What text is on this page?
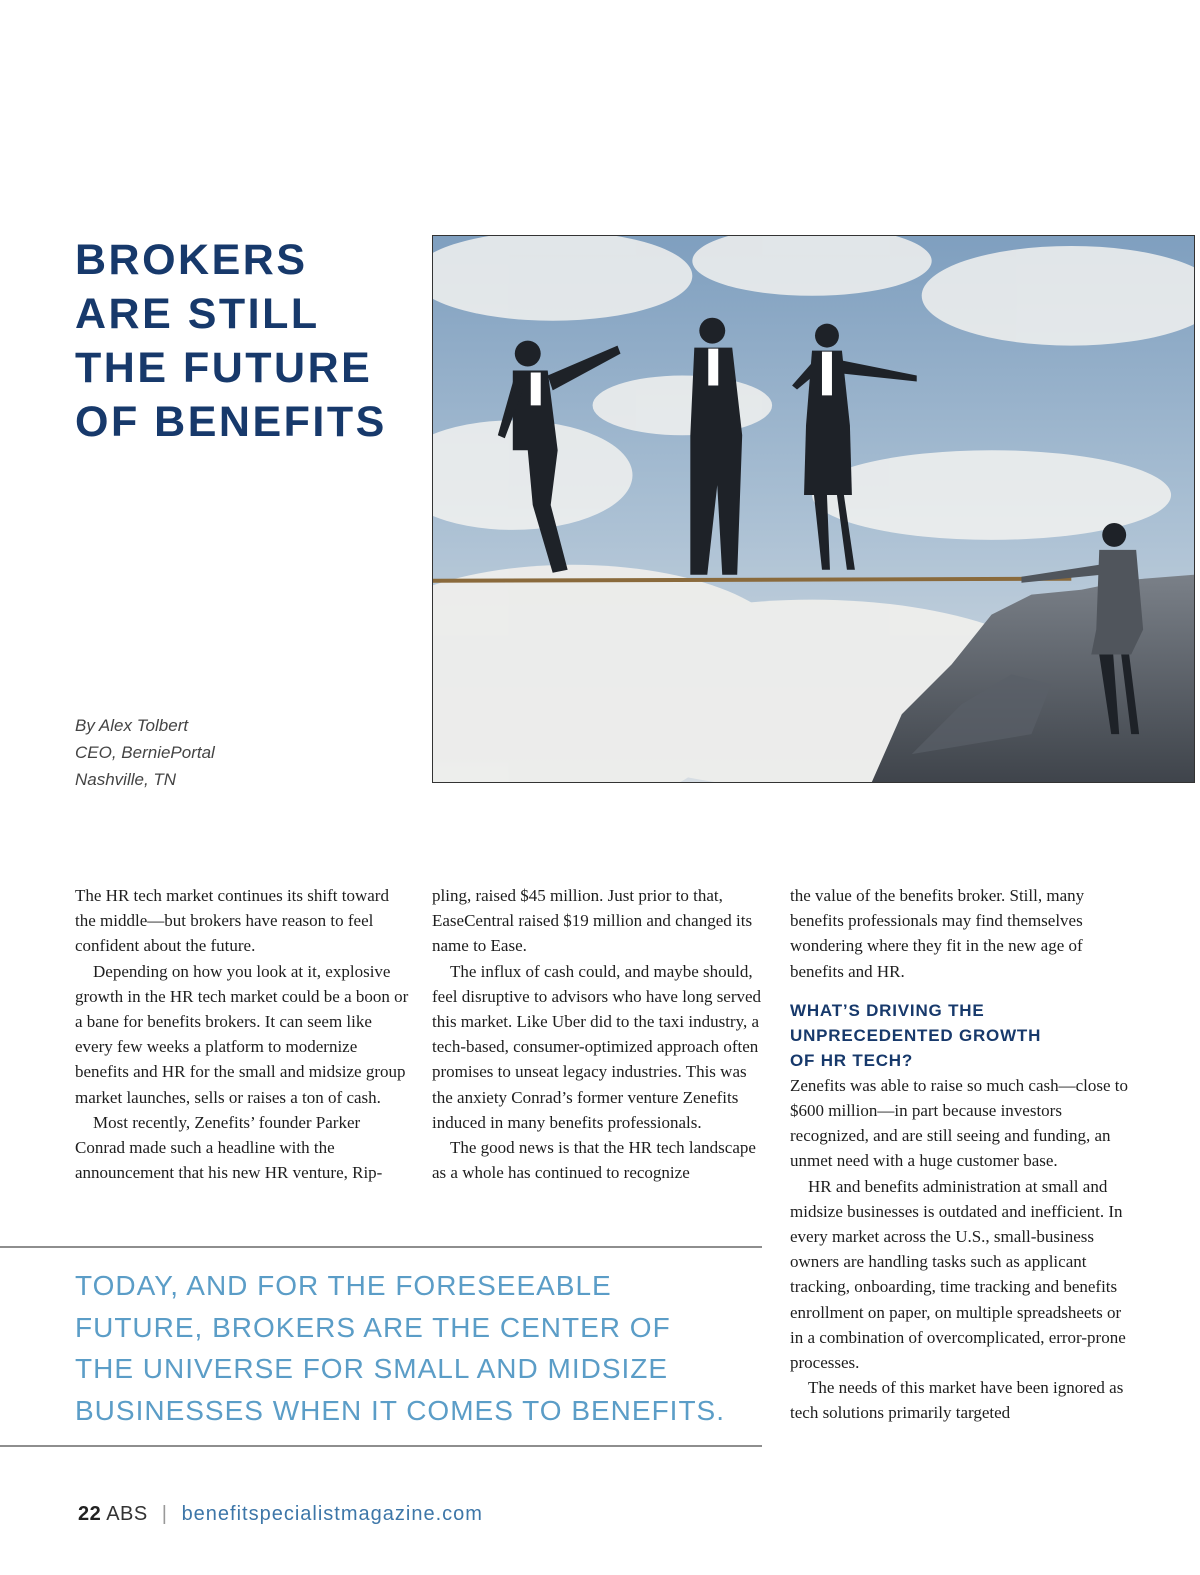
BROKERS
ARE STILL
THE FUTURE
OF BENEFITS
By Alex Tolbert
CEO, BerniePortal
Nashville, TN

The HR tech market continues its shift toward the middle—but brokers have reason to feel confident about the future.

Depending on how you look at it, explosive growth in the HR tech market could be a boon or a bane for benefits brokers. It can seem like every few weeks a platform to modernize benefits and HR for the small and midsize group market launches, sells or raises a ton of cash.

Most recently, Zenefits’ founder Parker Conrad made such a headline with the announcement that his new HR venture, Rip-

pling, raised $45 million. Just prior to that, EaseCentral raised $19 million and changed its name to Ease.

The influx of cash could, and maybe should, feel disruptive to advisors who have long served this market. Like Uber did to the taxi industry, a tech-based, consumer-optimized approach often promises to unseat legacy industries. This was the anxiety Conrad’s former venture Zenefits induced in many benefits professionals.

The good news is that the HR tech landscape as a whole has continued to recognize

the value of the benefits broker. Still, many benefits professionals may find themselves wondering where they fit in the new age of benefits and HR.

WHAT’S DRIVING THE
UNPRECEDENTED GROWTH
OF HR TECH?

Zenefits was able to raise so much cash—close to $600 million—in part because investors recognized, and are still seeing and funding, an unmet need with a huge customer base.

HR and benefits administration at small and midsize businesses is outdated and inefficient. In every market across the U.S., small-business owners are handling tasks such as applicant tracking, onboarding, time tracking and benefits enrollment on paper, on multiple spreadsheets or in a combination of overcomplicated, error-prone processes.

The needs of this market have been ignored as tech solutions primarily targeted

TODAY, AND FOR THE FORESEEABLE
FUTURE, BROKERS ARE THE CENTER OF
THE UNIVERSE FOR SMALL AND MIDSIZE
BUSINESSES WHEN IT COMES TO BENEFITS.
22 ABS | benefitspecialistmagazine.com
